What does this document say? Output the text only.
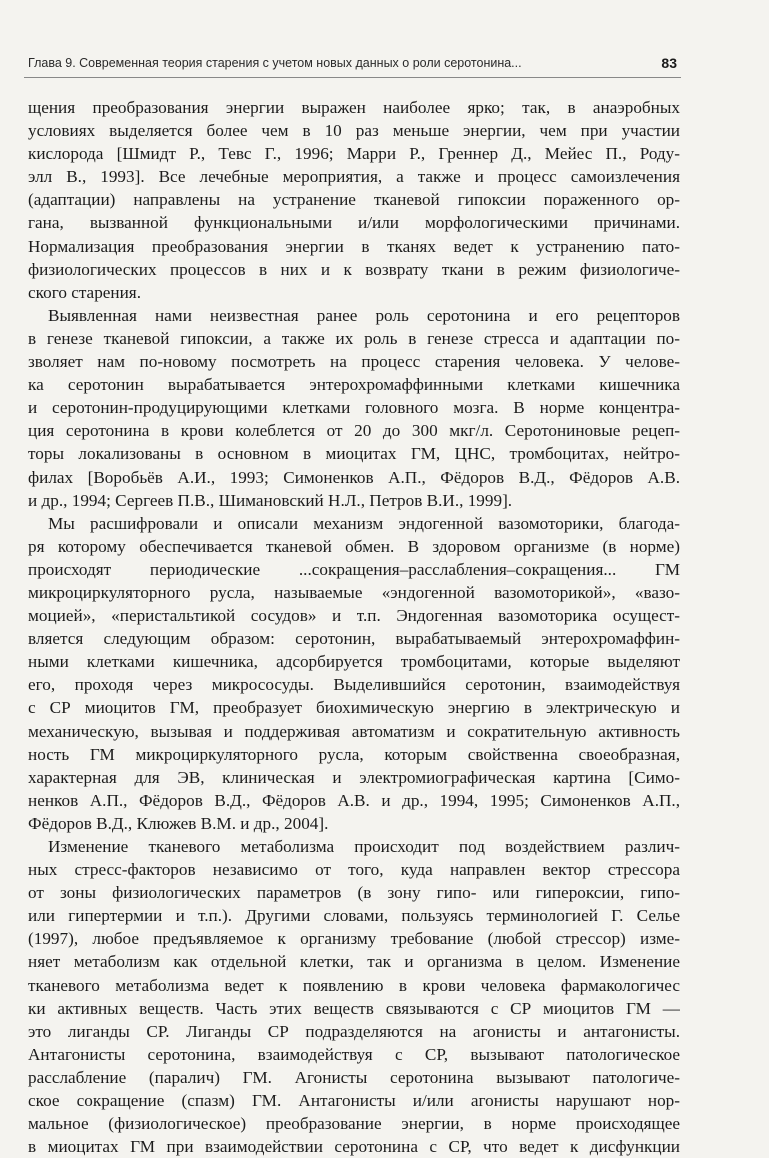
Глава 9. Современная теория старения с учетом новых данных о роли серотонина...	83
щения преобразования энергии выражен наиболее ярко; так, в анаэробных
условиях выделяется более чем в 10 раз меньше энергии, чем при участии
кислорода [Шмидт Р., Тевс Г., 1996; Марри Р., Греннер Д., Мейес П., Роду-
элл В., 1993]. Все лечебные мероприятия, а также и процесс самоизлечения
(адаптации) направлены на устранение тканевой гипоксии пораженного ор-
гана, вызванной функциональными и/или морфологическими причинами.
Нормализация преобразования энергии в тканях ведет к устранению пато-
физиологических процессов в них и к возврату ткани в режим физиологиче-
ского старения.
Выявленная нами неизвестная ранее роль серотонина и его рецепторов
в генезе тканевой гипоксии, а также их роль в генезе стресса и адаптации по-
зволяет нам по-новому посмотреть на процесс старения человека. У челове-
ка серотонин вырабатывается энтерохромаффинными клетками кишечника
и серотонин-продуцирующими клетками головного мозга. В норме концентра-
ция серотонина в крови колеблется от 20 до 300 мкг/л. Серотониновые рецеп-
торы локализованы в основном в миоцитах ГМ, ЦНС, тромбоцитах, нейтро-
филах [Воробьёв А.И., 1993; Симоненков А.П., Фёдоров В.Д., Фёдоров А.В.
и др., 1994; Сергеев П.В., Шимановский Н.Л., Петров В.И., 1999].
Мы расшифровали и описали механизм эндогенной вазомоторики, благода-
ря которому обеспечивается тканевой обмен. В здоровом организме (в норме)
происходят периодические ...сокращения–расслабления–сокращения... ГМ
микроциркуляторного русла, называемые «эндогенной вазомоторикой», «вазо-
моцией», «перистальтикой сосудов» и т.п. Эндогенная вазомоторика осущест-
вляется следующим образом: серотонин, вырабатываемый энтерохромаффин-
ными клетками кишечника, адсорбируется тромбоцитами, которые выделяют
его, проходя через микрососуды. Выделившийся серотонин, взаимодействуя
с СР миоцитов ГМ, преобразует биохимическую энергию в электрическую и
механическую, вызывая и поддерживая автоматизм и сократительную активность
ность ГМ микроциркуляторного русла, которым свойственна своеобразная,
характерная для ЭВ, клиническая и электромиографическая картина [Симо-
ненков А.П., Фёдоров В.Д., Фёдоров А.В. и др., 1994, 1995; Симоненков А.П.,
Фёдоров В.Д., Клюжев В.М. и др., 2004].
Изменение тканевого метаболизма происходит под воздействием различ-
ных стресс-факторов независимо от того, куда направлен вектор стрессора
от зоны физиологических параметров (в зону гипо- или гипероксии, гипо-
или гипертермии и т.п.). Другими словами, пользуясь терминологией Г. Селье
(1997), любое предъявляемое к организму требование (любой стрессор) изме-
няет метаболизм как отдельной клетки, так и организма в целом. Изменение
тканевого метаболизма ведет к появлению в крови человека фармакологичес
ки активных веществ. Часть этих веществ связываются с СР миоцитов ГМ —
это лиганды СР. Лиганды СР подразделяются на агонисты и антагонисты.
Антагонисты серотонина, взаимодействуя с СР, вызывают патологическое
расслабление (паралич) ГМ. Агонисты серотонина вызывают патологиче-
ское сокращение (спазм) ГМ. Антагонисты и/или агонисты нарушают нор-
мальное (физиологическое) преобразование энергии, в норме происходящее
в миоцитах ГМ при взаимодействии серотонина с СР, что ведет к дисфункции
